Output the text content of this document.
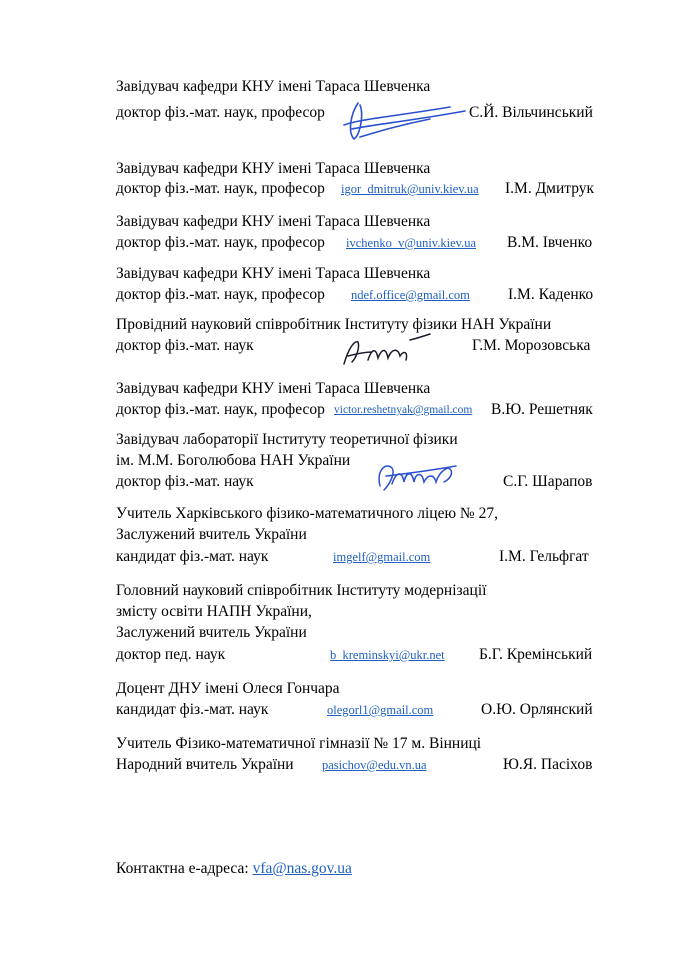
Завідувач кафедри КНУ імені Тараса Шевченка
доктор фіз.-мат. наук, професор	С.Й. Вільчинський
Завідувач кафедри КНУ імені Тараса Шевченка
доктор фіз.-мат. наук, професор igor_dmitruk@univ.kiev.ua І.М. Дмитрук
Завідувач кафедри КНУ імені Тараса Шевченка
доктор фіз.-мат. наук, професор ivchenko_v@univ.kiev.ua В.М. Івченко
Завідувач кафедри КНУ імені Тараса Шевченка
доктор фіз.-мат. наук, професор ndef.office@gmail.com І.М. Каденко
Провідний науковий співробітник Інституту фізики НАН України
доктор фіз.-мат. наук	Г.М. Морозовська
Завідувач кафедри КНУ імені Тараса Шевченка
доктор фіз.-мат. наук, професор victor.reshetnyak@gmail.com В.Ю. Решетняк
Завідувач лабораторії Інституту теоретичної фізики
ім. М.М. Боголюбова НАН України
доктор фіз.-мат. наук	С.Г. Шарапов
Учитель Харківського фізико-математичного ліцею № 27,
Заслужений вчитель України
кандидат фіз.-мат. наук	imgelf@gmail.com	І.М. Гельфгат
Головний науковий співробітник Інституту модернізації
змісту освіти НАПН України,
Заслужений вчитель України
доктор пед. наук	b_kreminskyi@ukr.net Б.Г. Кремінський
Доцент ДНУ імені Олеся Гончара
кандидат фіз.-мат. наук	olegorl1@gmail.com	О.Ю. Орлянский
Учитель Фізико-математичної гімназії № 17 м. Вінниці
Народний вчитель України pasichov@edu.vn.ua	Ю.Я. Пасіхов
Контактна е-адреса: vfa@nas.gov.ua
